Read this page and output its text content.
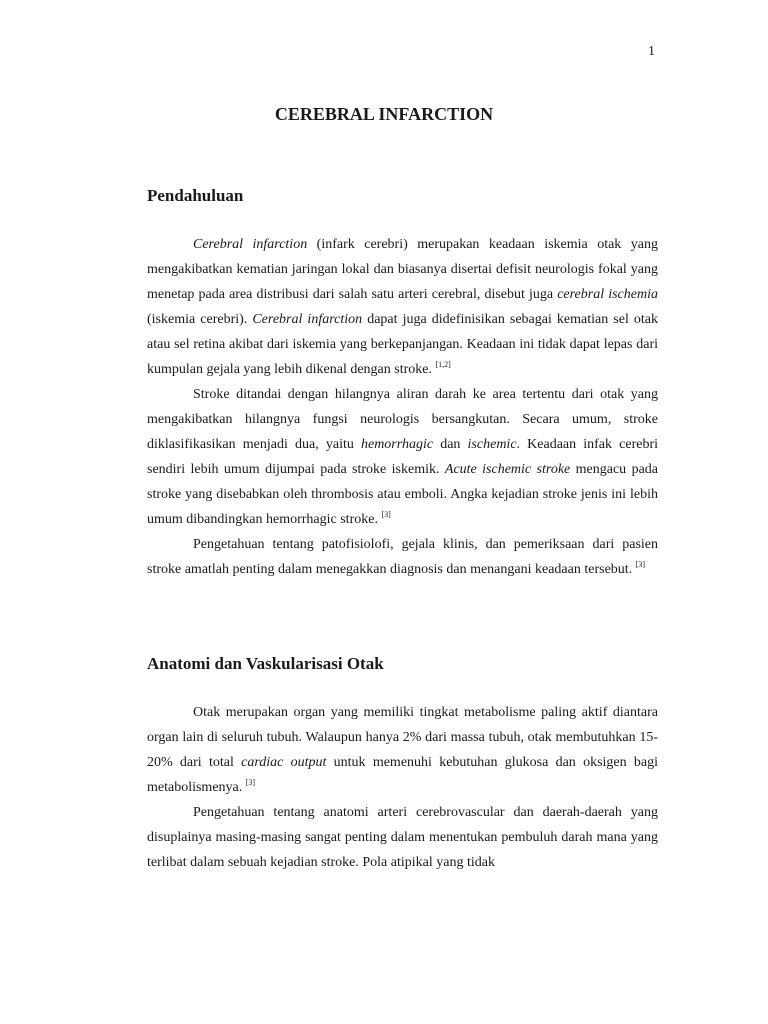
1
CEREBRAL INFARCTION
Pendahuluan

Cerebral infarction (infark cerebri) merupakan keadaan iskemia otak yang mengakibatkan kematian jaringan lokal dan biasanya disertai defisit neurologis fokal yang menetap pada area distribusi dari salah satu arteri cerebral, disebut juga cerebral ischemia (iskemia cerebri). Cerebral infarction dapat juga didefinisikan sebagai kematian sel otak atau sel retina akibat dari iskemia yang berkepanjangan. Keadaan ini tidak dapat lepas dari kumpulan gejala yang lebih dikenal dengan stroke. [1,2]

Stroke ditandai dengan hilangnya aliran darah ke area tertentu dari otak yang mengakibatkan hilangnya fungsi neurologis bersangkutan. Secara umum, stroke diklasifikasikan menjadi dua, yaitu hemorrhagic dan ischemic. Keadaan infak cerebri sendiri lebih umum dijumpai pada stroke iskemik. Acute ischemic stroke mengacu pada stroke yang disebabkan oleh thrombosis atau emboli. Angka kejadian stroke jenis ini lebih umum dibandingkan hemorrhagic stroke. [3]

Pengetahuan tentang patofisiolofi, gejala klinis, dan pemeriksaan dari pasien stroke amatlah penting dalam menegakkan diagnosis dan menangani keadaan tersebut. [3]

Anatomi dan Vaskularisasi Otak

Otak merupakan organ yang memiliki tingkat metabolisme paling aktif diantara organ lain di seluruh tubuh. Walaupun hanya 2% dari massa tubuh, otak membutuhkan 15-20% dari total cardiac output untuk memenuhi kebutuhan glukosa dan oksigen bagi metabolismenya. [3]

Pengetahuan tentang anatomi arteri cerebrovascular dan daerah-daerah yang disuplainya masing-masing sangat penting dalam menentukan pembuluh darah mana yang terlibat dalam sebuah kejadian stroke. Pola atipikal yang tidak
